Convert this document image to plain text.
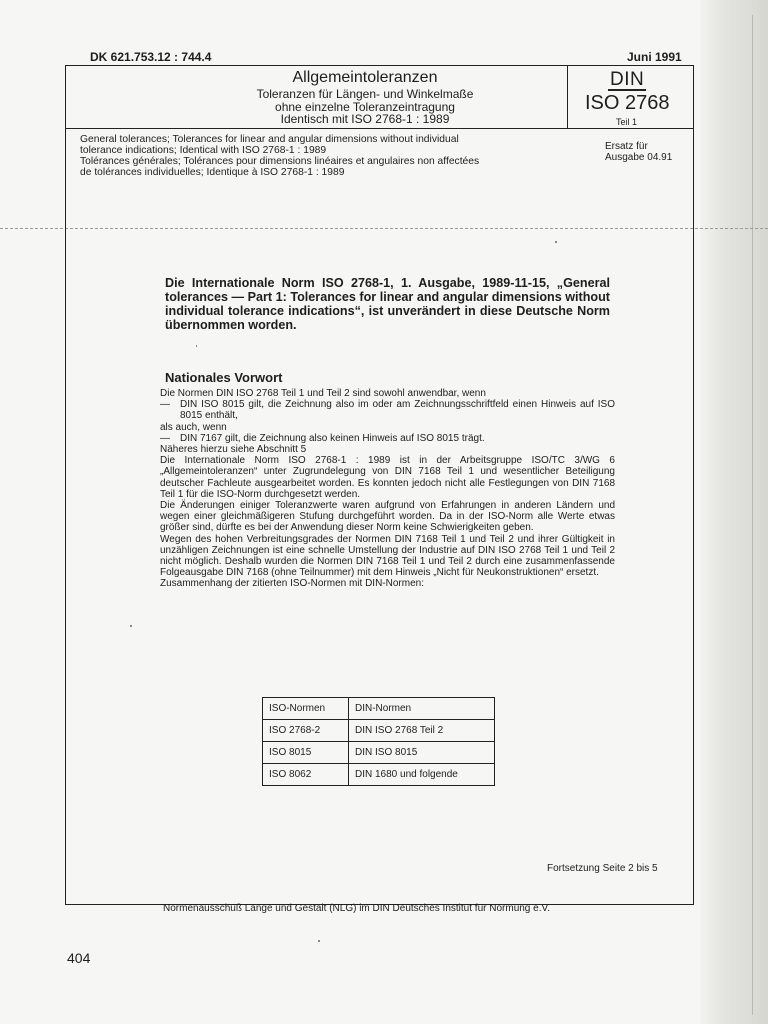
DK 621.753.12 : 744.4	Juni 1991
Allgemeintoleranzen
Toleranzen für Längen- und Winkelmaße
ohne einzelne Toleranzeintragung
Identisch mit ISO 2768-1 : 1989
DIN
ISO 2768
Teil 1

General tolerances; Tolerances for linear and angular dimensions without individual tolerance indications; Identical with ISO 2768-1 : 1989

Tolérances générales; Tolérances pour dimensions linéaires et angulaires non affectées de tolérances individuelles; Identique à ISO 2768-1 : 1989

Ersatz für
Ausgabe 04.91
Die Internationale Norm ISO 2768-1, 1. Ausgabe, 1989-11-15, „General tolerances — Part 1: Tolerances for linear and angular dimensions without individual tolerance indications“, ist unverändert in diese Deutsche Norm übernommen worden.
Nationales Vorwort

Die Normen DIN ISO 2768 Teil 1 und Teil 2 sind sowohl anwendbar, wenn

—	DIN ISO 8015 gilt, die Zeichnung also im oder am Zeichnungsschriftfeld einen Hinweis auf ISO 8015 enthält,

als auch, wenn

—	DIN 7167 gilt, die Zeichnung also keinen Hinweis auf ISO 8015 trägt.

Näheres hierzu siehe Abschnitt 5

Die Internationale Norm ISO 2768-1 : 1989 ist in der Arbeitsgruppe ISO/TC 3/WG 6 „Allgemeintoleranzen“ unter Zugrundelegung von DIN 7168 Teil 1 und wesentlicher Beteiligung deutscher Fachleute ausgearbeitet worden. Es konnten jedoch nicht alle Festlegungen von DIN 7168 Teil 1 für die ISO-Norm durchgesetzt werden.

Die Änderungen einiger Toleranzwerte waren aufgrund von Erfahrungen in anderen Ländern und wegen einer gleichmäßigeren Stufung durchgeführt worden. Da in der ISO-Norm alle Werte etwas größer sind, dürfte es bei der Anwendung dieser Norm keine Schwierigkeiten geben.

Wegen des hohen Verbreitungsgrades der Normen DIN 7168 Teil 1 und Teil 2 und ihrer Gültigkeit in unzähligen Zeichnungen ist eine schnelle Umstellung der Industrie auf DIN ISO 2768 Teil 1 und Teil 2 nicht möglich. Deshalb wurden die Normen DIN 7168 Teil 1 und Teil 2 durch eine zusammenfassende Folgeausgabe DIN 7168 (ohne Teilnummer) mit dem Hinweis „Nicht für Neukonstruktionen“ ersetzt.

Zusammenhang der zitierten ISO-Normen mit DIN-Normen:

ISO-Normen	DIN-Normen
ISO 2768-2	DIN ISO 2768 Teil 2
ISO 8015	DIN ISO 8015
ISO 8062	DIN 1680 und folgende
Fortsetzung Seite 2 bis 5
Normenausschuß Länge und Gestalt (NLG) im DIN Deutsches Institut für Normung e.V.
404
